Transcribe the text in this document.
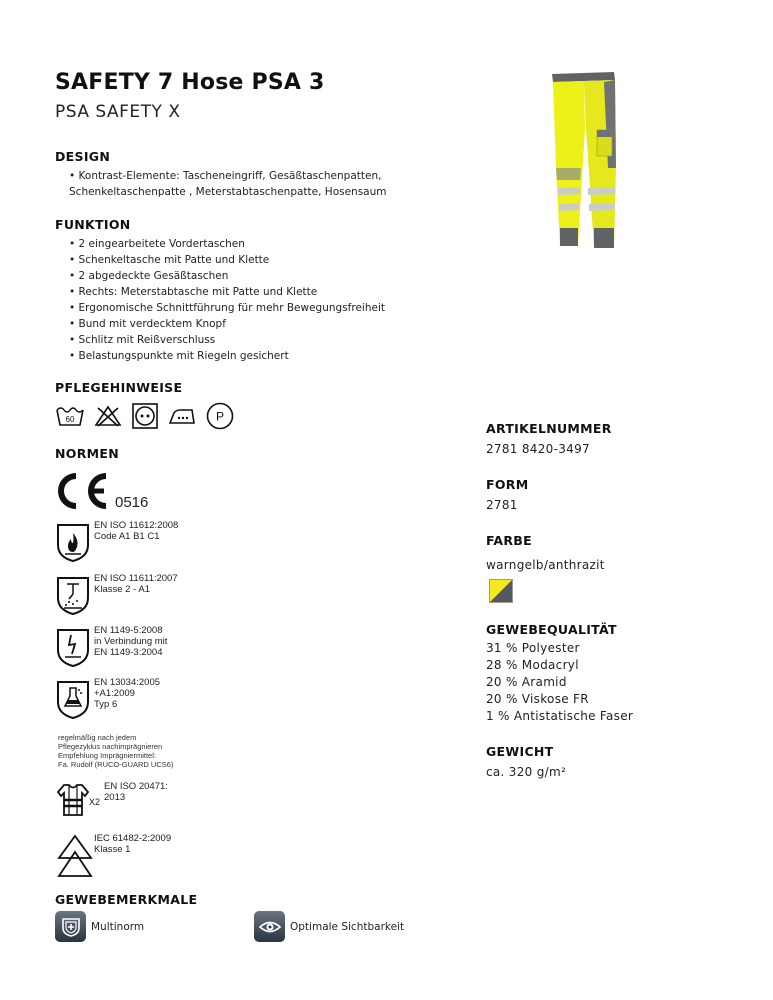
SAFETY 7 Hose PSA 3
PSA SAFETY X
DESIGN
• Kontrast-Elemente: Tascheneingriff, Gesäßtaschenpatten,
Schenkeltaschenpatte , Meterstabtaschenpatte, Hosensaum
FUNKTION
• 2 eingearbeitete Vordertaschen
• Schenkeltasche mit Patte und Klette
• 2 abgedeckte Gesäßtaschen
• Rechts: Meterstabtasche mit Patte und Klette
• Ergonomische Schnittführung für mehr Bewegungsfreiheit
• Bund mit verdecktem Knopf
• Schlitz mit Reißverschluss
• Belastungspunkte mit Riegeln gesichert
PFLEGEHINWEISE
60	P
NORMEN
0516
EN ISO 11612:2008
Code A1 B1 C1
EN ISO 11611:2007
Klasse 2 - A1
EN 1149-5:2008
in Verbindung mit
EN 1149-3:2004
EN 13034:2005
+A1:2009
Typ 6
regelmäßig nach jedem
Pflegezyklus nachimprägnieren
Empfehlung Imprägniermittel:
Fa. Rudolf (RUCO-GUARD UCS6)
X2
EN ISO 20471:
2013
IEC 61482-2:2009
Klasse 1
GEWEBEMERKMALE
Multinorm	Optimale Sichtbarkeit
ARTIKELNUMMER
2781 8420-3497
FORM
2781
FARBE
warngelb/anthrazit
GEWEBEQUALITÄT
31 % Polyester
28 % Modacryl
20 % Aramid
20 % Viskose FR
1 % Antistatische Faser
GEWICHT
ca. 320 g/m²
